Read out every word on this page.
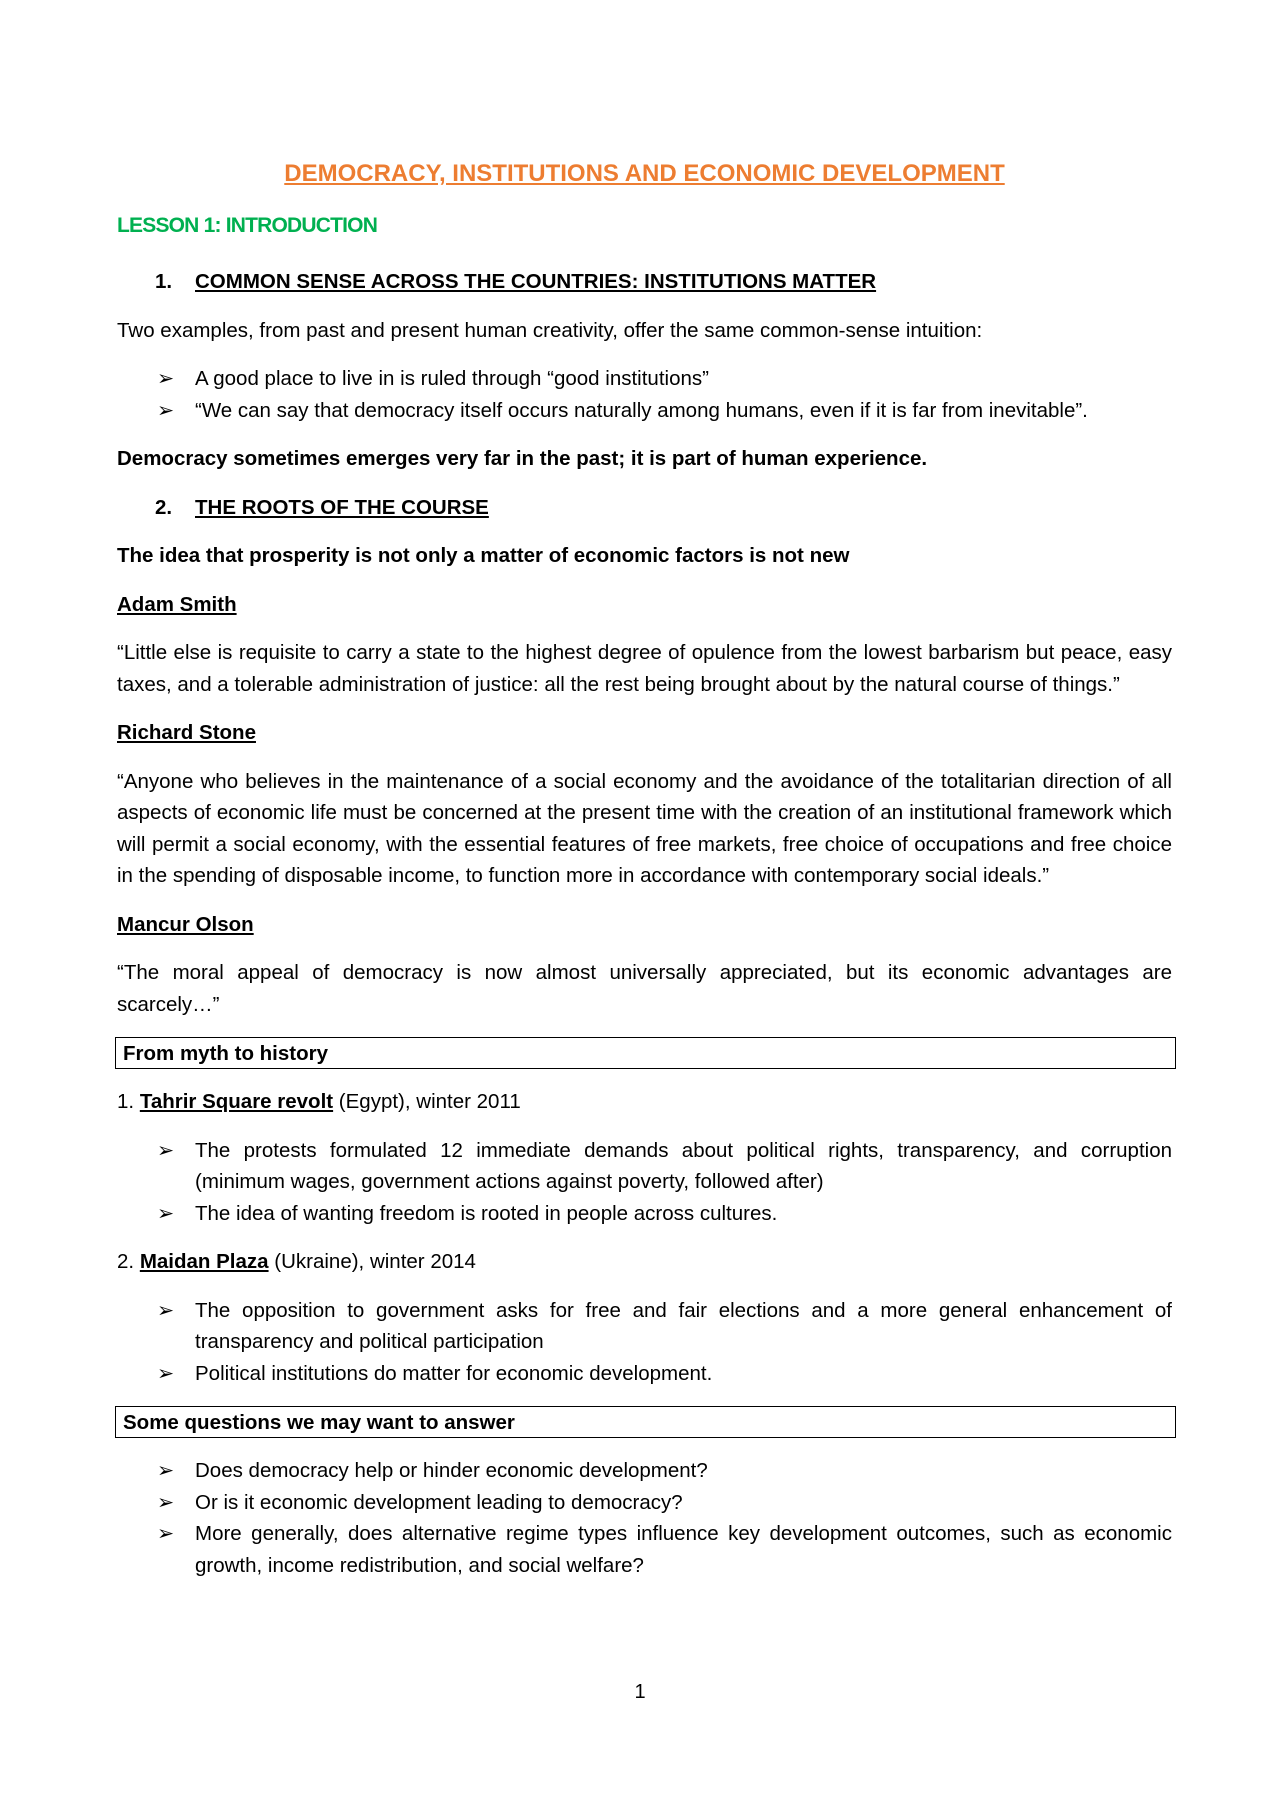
DEMOCRACY, INSTITUTIONS AND ECONOMIC DEVELOPMENT
LESSON 1: INTRODUCTION
1.	COMMON SENSE ACROSS THE COUNTRIES: INSTITUTIONS MATTER

Two examples, from past and present human creativity, offer the same common-sense intuition:

➢ A good place to live in is ruled through “good institutions”
➢ “We can say that democracy itself occurs naturally among humans, even if it is far from inevitable”.

Democracy sometimes emerges very far in the past; it is part of human experience.

2.	THE ROOTS OF THE COURSE

The idea that prosperity is not only a matter of economic factors is not new

Adam Smith

“Little else is requisite to carry a state to the highest degree of opulence from the lowest barbarism but peace, easy taxes, and a tolerable administration of justice: all the rest being brought about by the natural course of things.”

Richard Stone

“Anyone who believes in the maintenance of a social economy and the avoidance of the totalitarian direction of all aspects of economic life must be concerned at the present time with the creation of an institutional framework which will permit a social economy, with the essential features of free markets, free choice of occupations and free choice in the spending of disposable income, to function more in accordance with contemporary social ideals.”

Mancur Olson

“The moral appeal of democracy is now almost universally appreciated, but its economic advantages are scarcely…”

From myth to history

1. Tahrir Square revolt (Egypt), winter 2011

➢ The protests formulated 12 immediate demands about political rights, transparency, and corruption (minimum wages, government actions against poverty, followed after)
➢ The idea of wanting freedom is rooted in people across cultures.

2. Maidan Plaza (Ukraine), winter 2014

➢ The opposition to government asks for free and fair elections and a more general enhancement of transparency and political participation
➢ Political institutions do matter for economic development.
Some questions we may want to answer
➢ Does democracy help or hinder economic development?
➢ Or is it economic development leading to democracy?
➢ More generally, does alternative regime types influence key development outcomes, such as economic growth, income redistribution, and social welfare?
1
